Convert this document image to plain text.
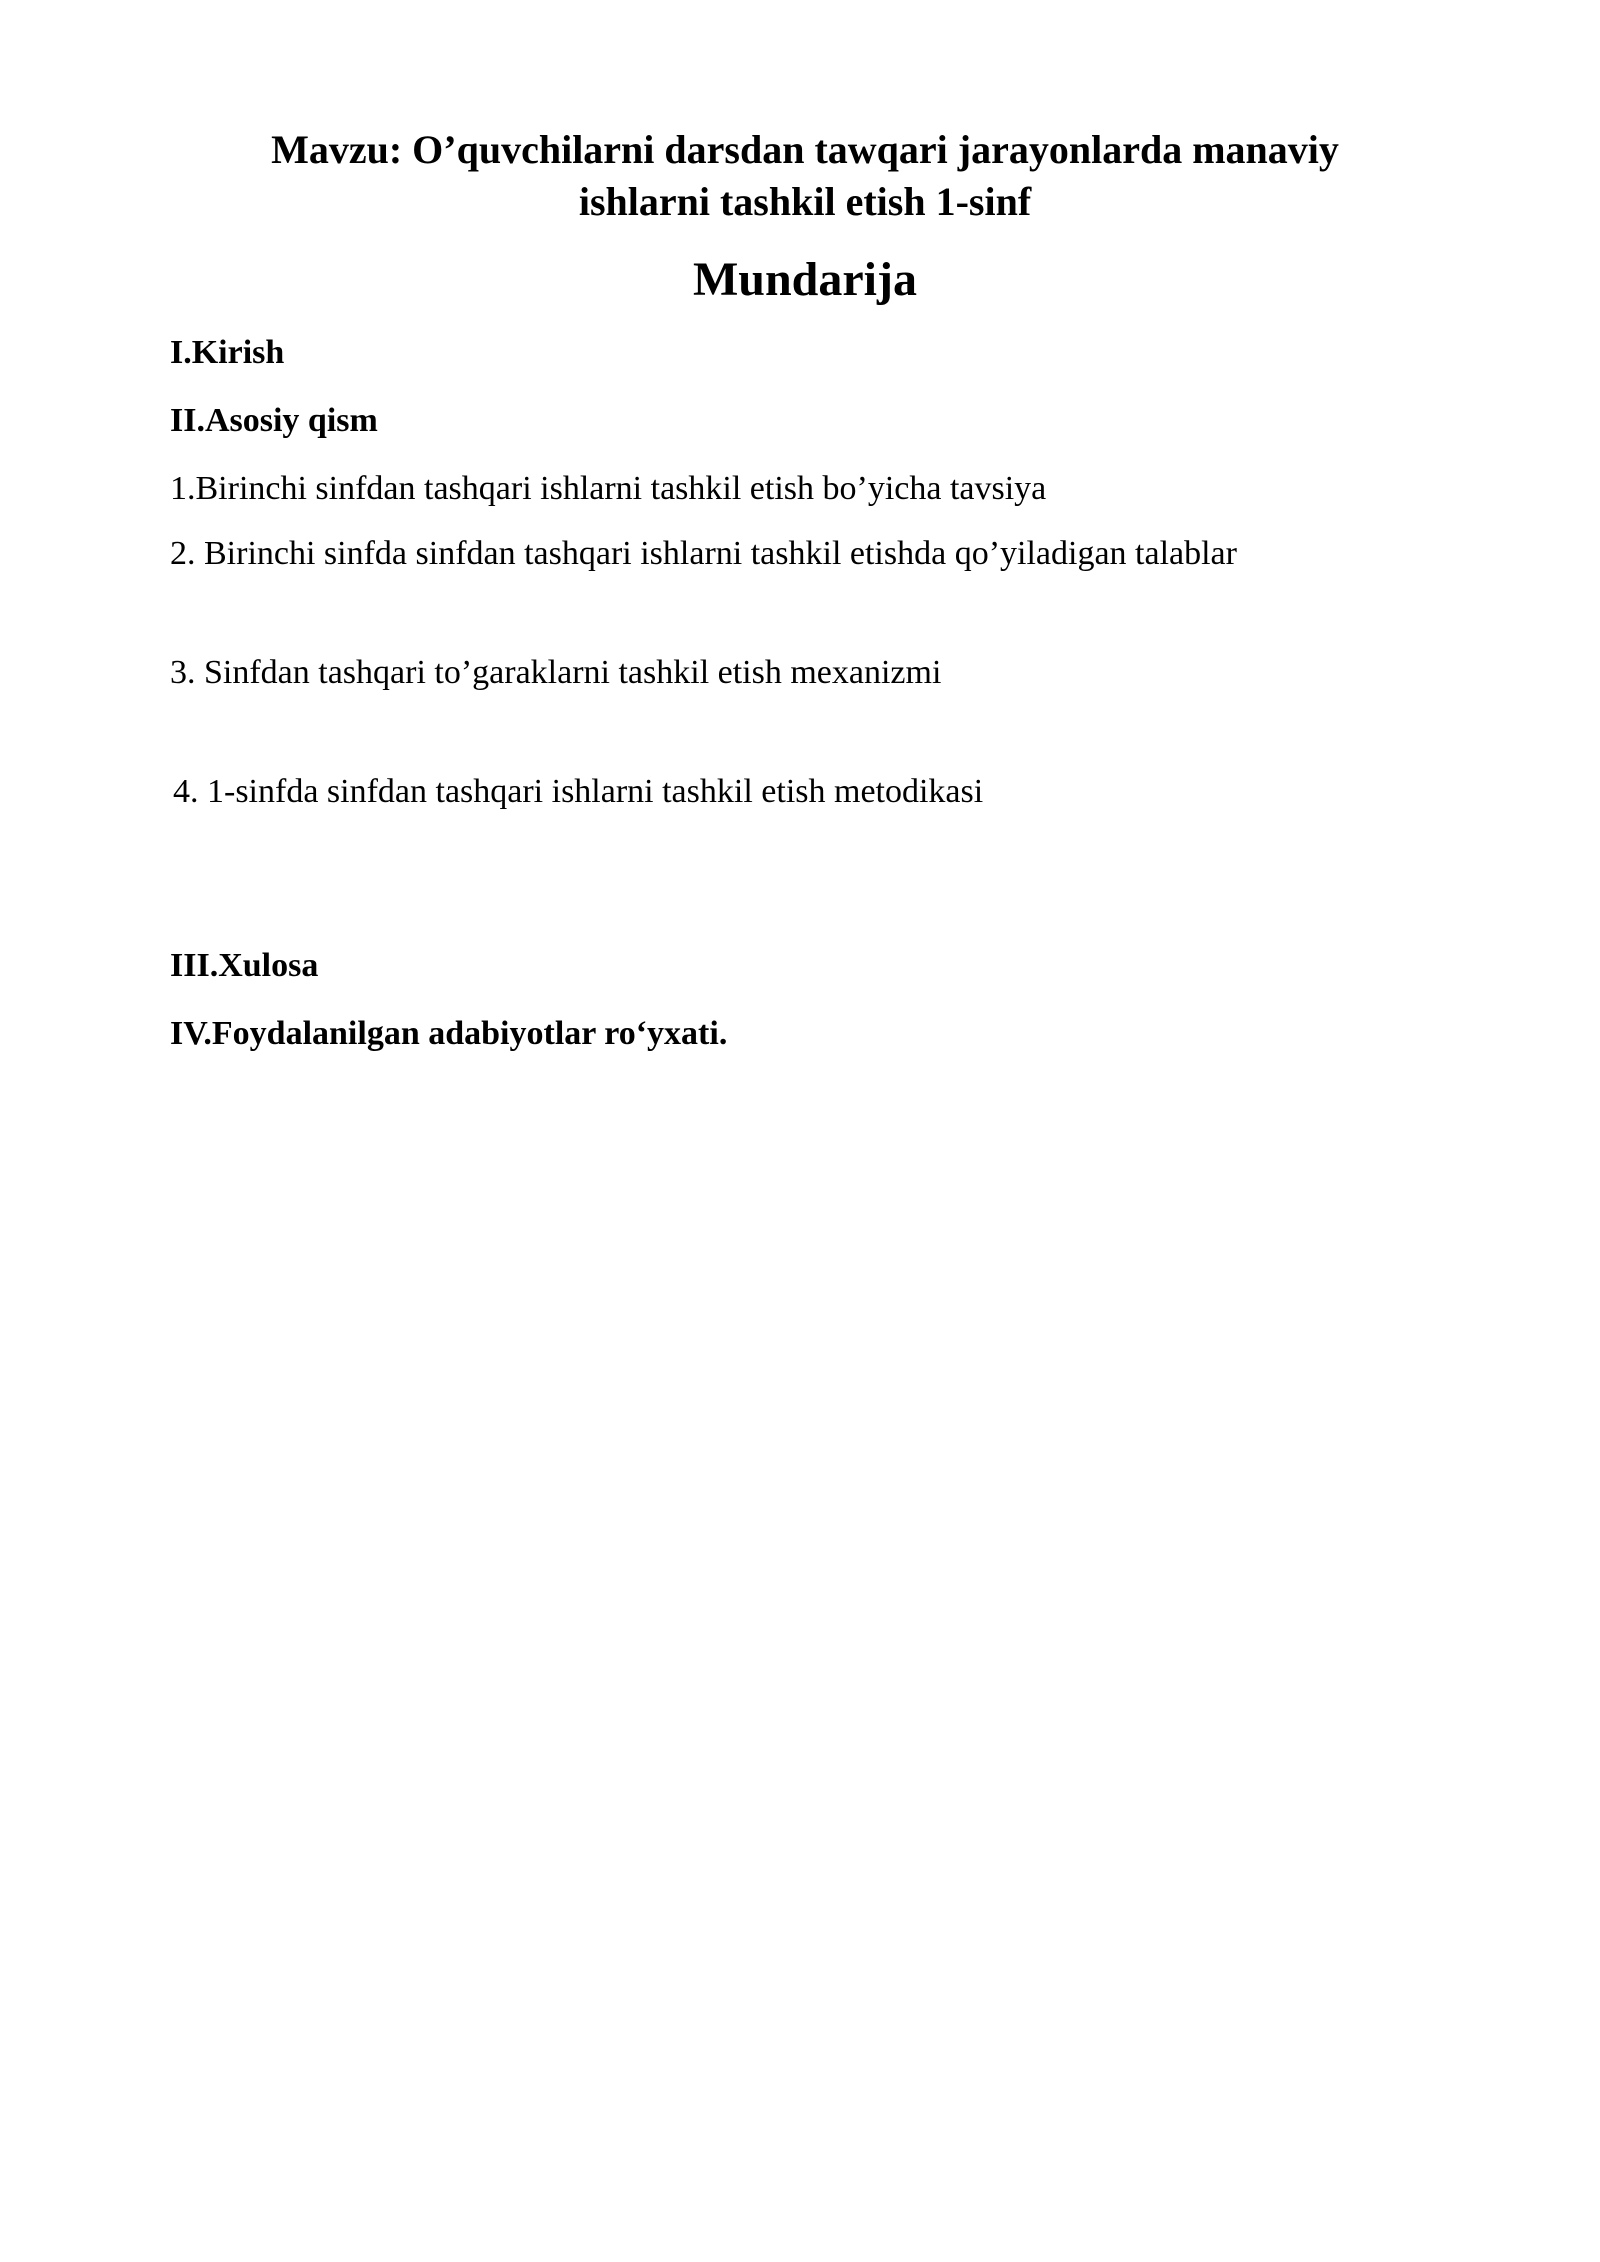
Mavzu: O’quvchilarni darsdan tawqari jarayonlarda manaviy
ishlarni tashkil etish 1-sinf
Mundarija

I.Kirish

II.Asosiy qism

1.Birinchi sinfdan tashqari ishlarni tashkil etish bo’yicha tavsiya

2. Birinchi sinfda sinfdan tashqari ishlarni tashkil etishda qo’yiladigan talablar

3. Sinfdan tashqari to’garaklarni tashkil etish mexanizmi

4. 1-sinfda sinfdan tashqari ishlarni tashkil etish metodikasi

III.Xulosa

IV.Foydalanilgan adabiyotlar ro‘yxati.
